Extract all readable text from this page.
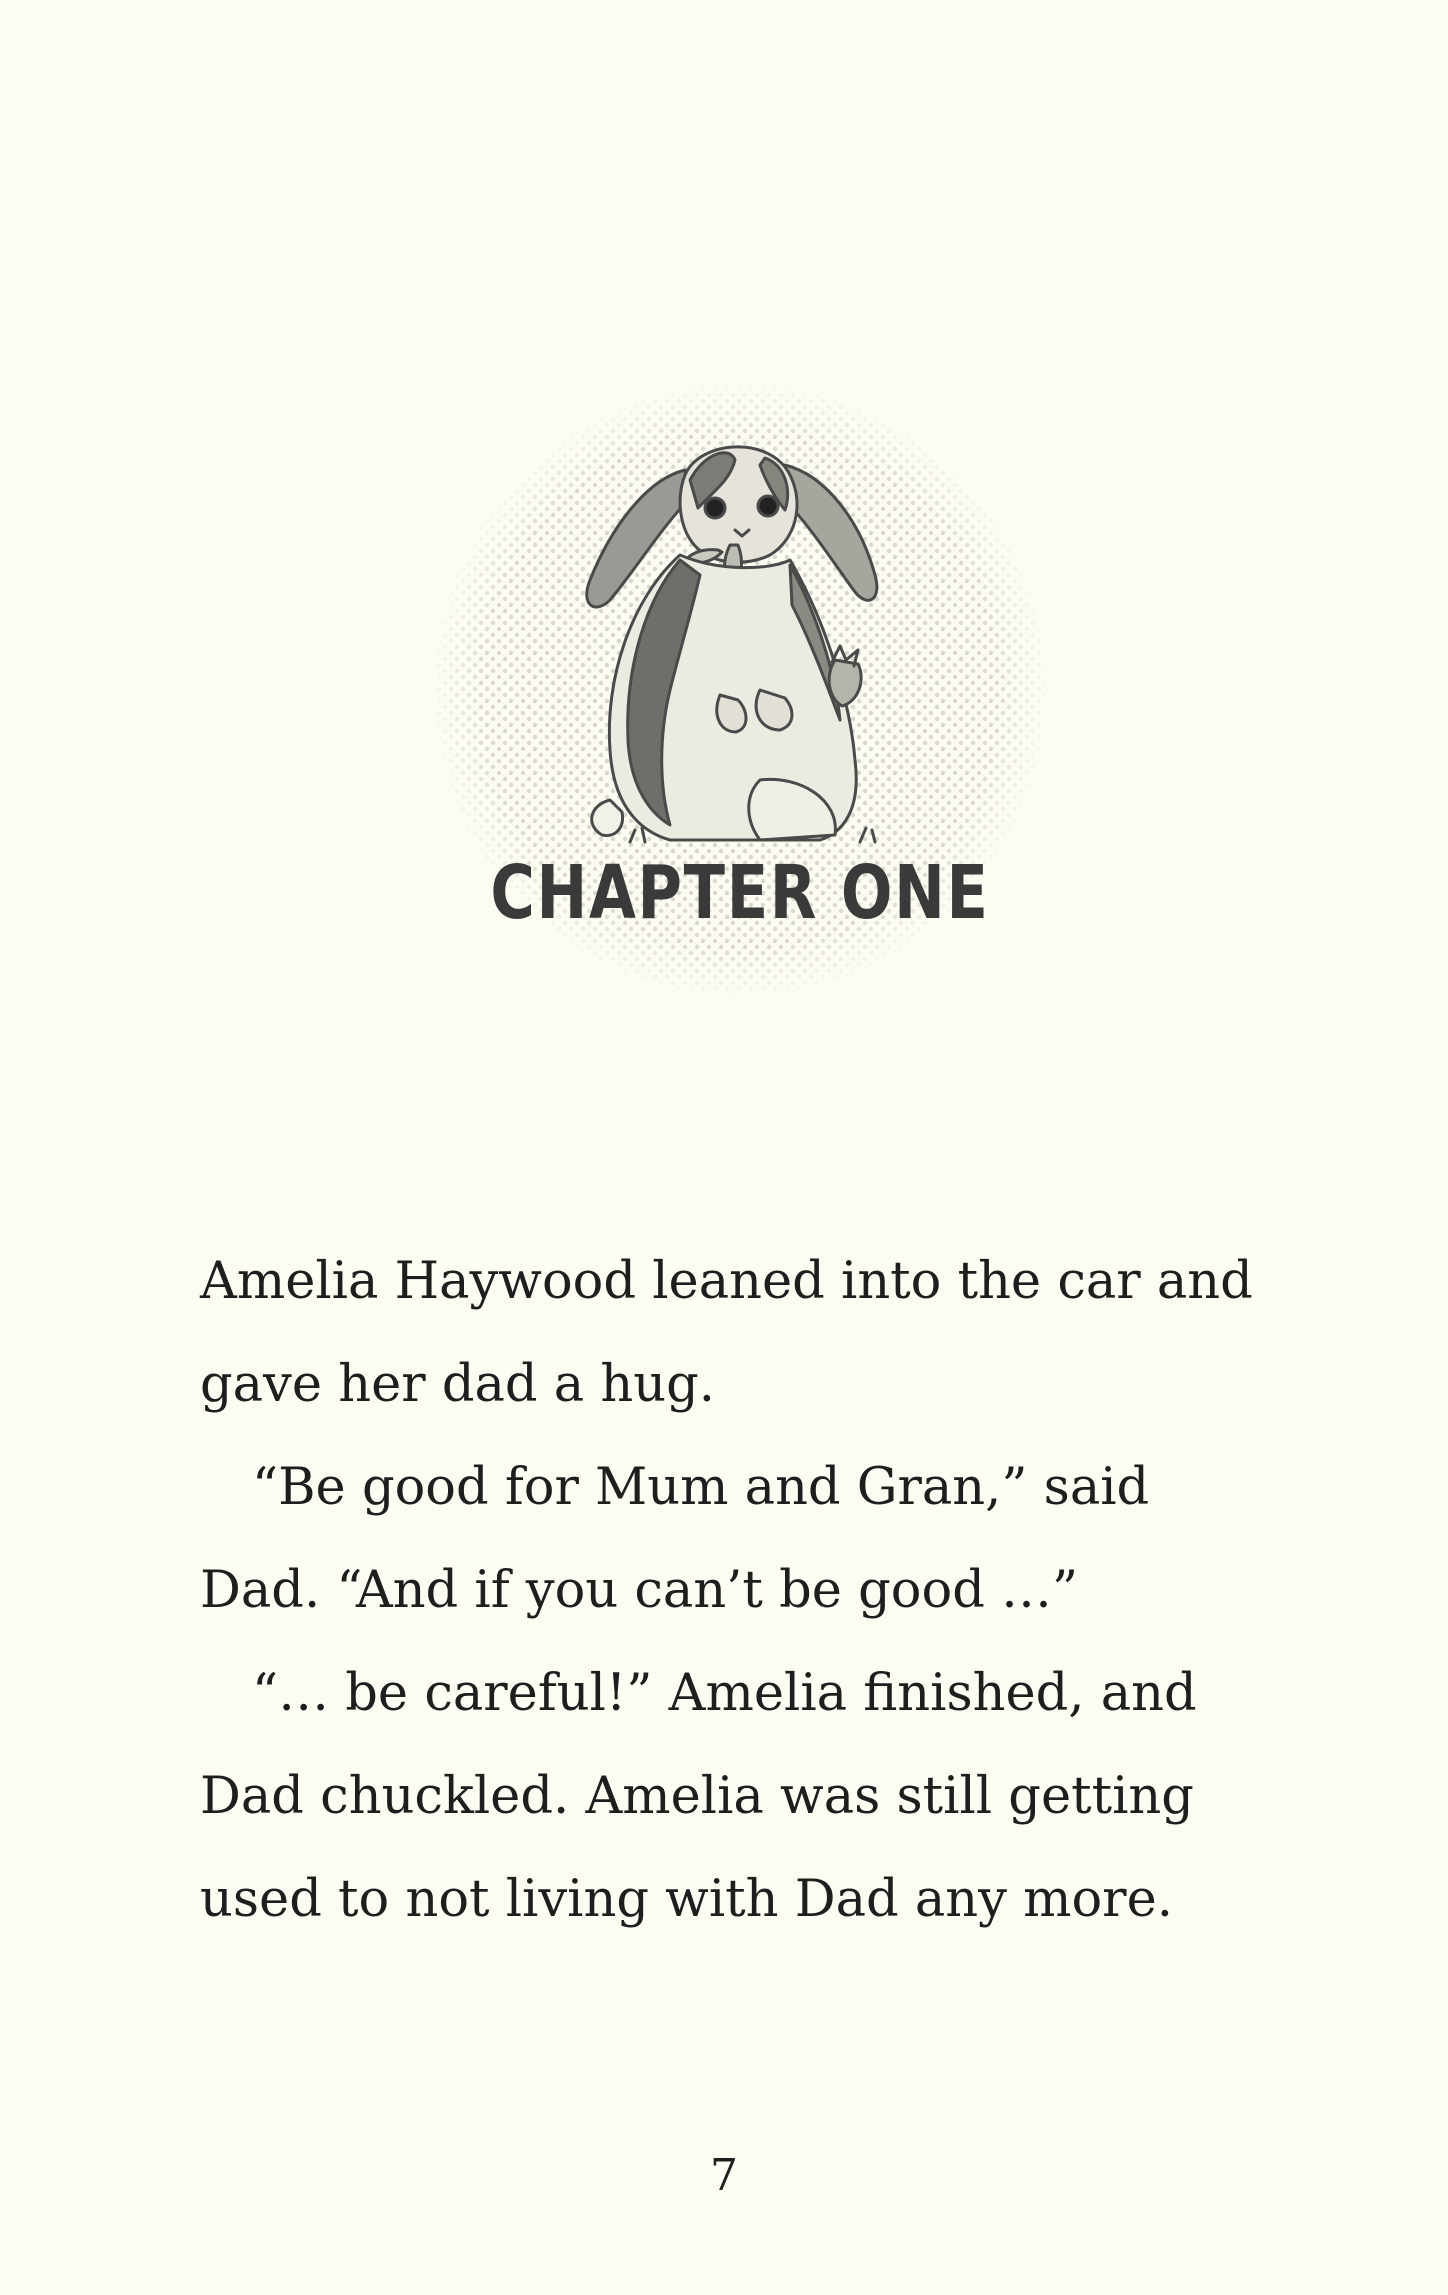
CHAPTER ONE

Amelia Haywood leaned into the car and gave her dad a hug.

“Be good for Mum and Gran,” said Dad. “And if you can’t be good …”

“… be careful!” Amelia finished, and Dad chuckled. Amelia was still getting used to not living with Dad any more.

7
